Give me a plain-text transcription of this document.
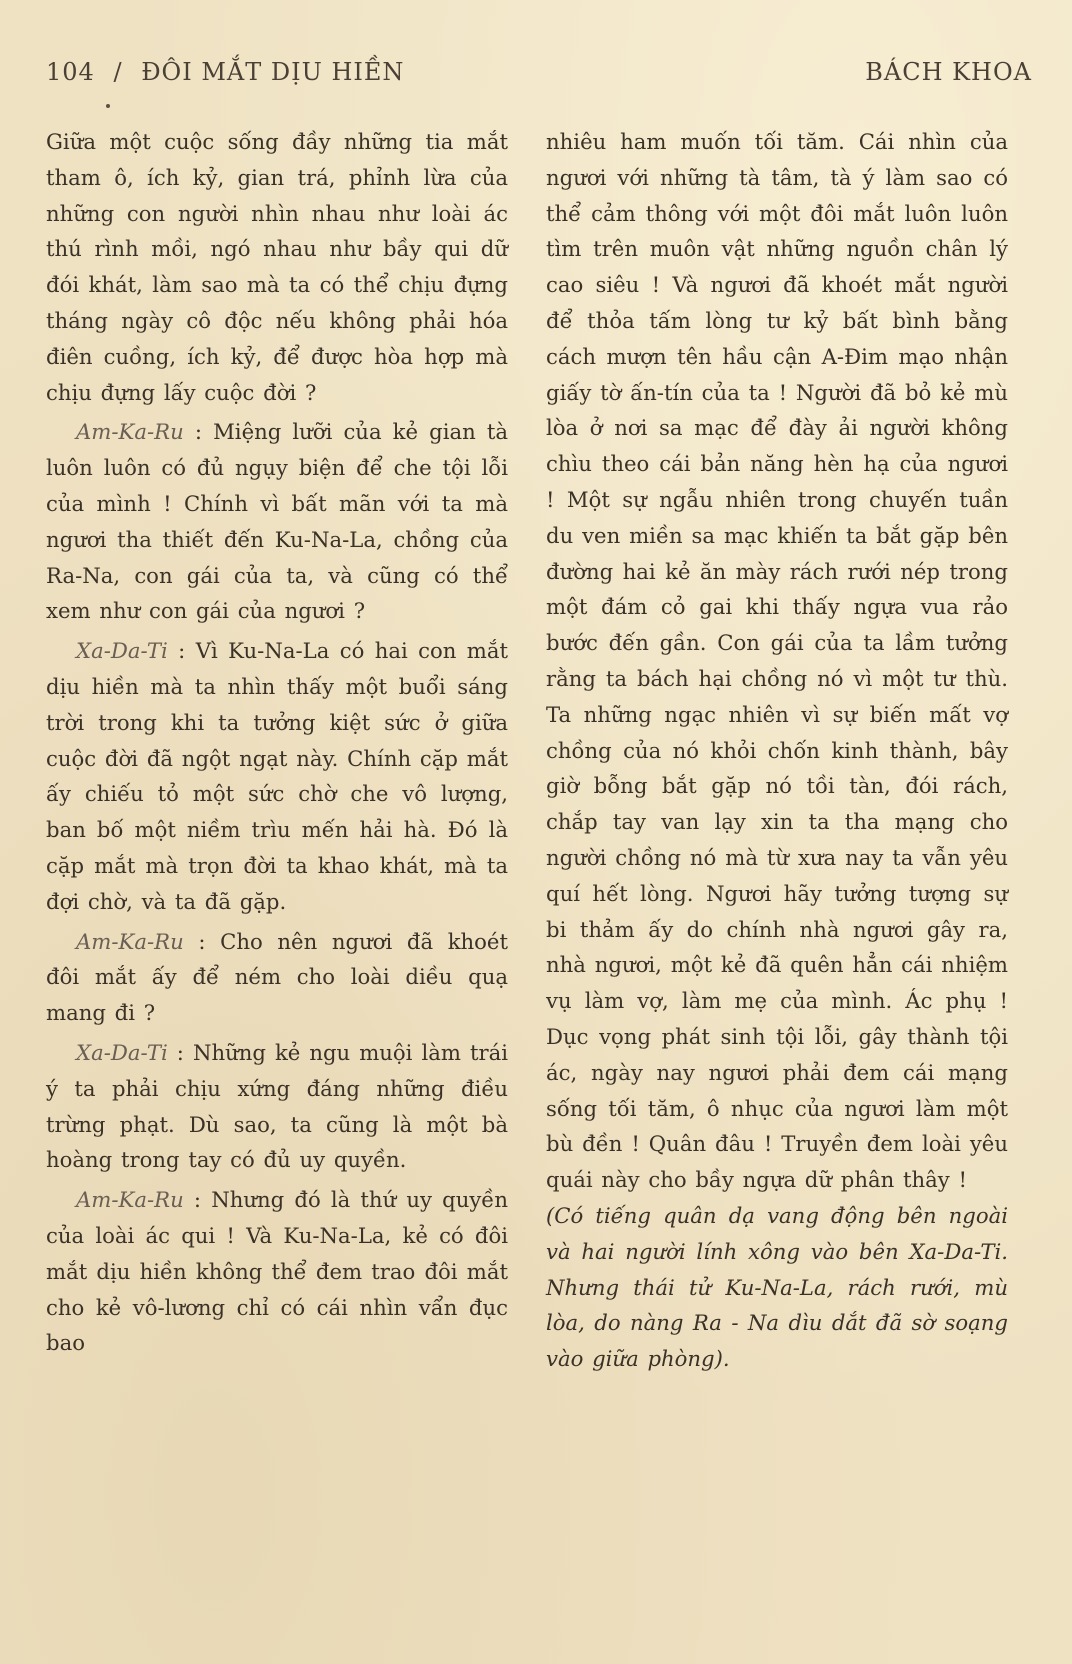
104 / ĐÔI MẮT DỊU HIỀN	BÁCH KHOA

Giữa một cuộc sống đầy những tia mắt tham ô, ích kỷ, gian trá, phỉnh lừa của những con người nhìn nhau như loài ác thú rình mồi, ngó nhau như bầy qui dữ đói khát, làm sao mà ta có thể chịu đựng tháng ngày cô độc nếu không phải hóa điên cuồng, ích kỷ, để được hòa hợp mà chịu đựng lấy cuộc đời ?

Am-Ka-Ru : Miệng lưỡi của kẻ gian tà luôn luôn có đủ ngụy biện để che tội lỗi của mình ! Chính vì bất mãn với ta mà ngươi tha thiết đến Ku-Na-La, chồng của Ra-Na, con gái của ta, và cũng có thể xem như con gái của ngươi ?

Xa-Da-Ti : Vì Ku-Na-La có hai con mắt dịu hiền mà ta nhìn thấy một buổi sáng trời trong khi ta tưởng kiệt sức ở giữa cuộc đời đã ngột ngạt này. Chính cặp mắt ấy chiếu tỏ một sức chờ che vô lượng, ban bố một niềm trìu mến hải hà. Đó là cặp mắt mà trọn đời ta khao khát, mà ta đợi chờ, và ta đã gặp.

Am-Ka-Ru : Cho nên ngươi đã khoét đôi mắt ấy để ném cho loài diều quạ mang đi ?

Xa-Da-Ti : Những kẻ ngu muội làm trái ý ta phải chịu xứng đáng những điều trừng phạt. Dù sao, ta cũng là một bà hoàng trong tay có đủ uy quyền.

Am-Ka-Ru : Nhưng đó là thứ uy quyền của loài ác qui ! Và Ku-Na-La, kẻ có đôi mắt dịu hiền không thể đem trao đôi mắt cho kẻ vô-lương chỉ có cái nhìn vẩn đục bao

nhiêu ham muốn tối tăm. Cái nhìn của ngươi với những tà tâm, tà ý làm sao có thể cảm thông với một đôi mắt luôn luôn tìm trên muôn vật những nguồn chân lý cao siêu ! Và ngươi đã khoét mắt người để thỏa tấm lòng tư kỷ bất bình bằng cách mượn tên hầu cận A-Đim mạo nhận giấy tờ ấn-tín của ta ! Người đã bỏ kẻ mù lòa ở nơi sa mạc để đày ải người không chìu theo cái bản năng hèn hạ của ngươi ! Một sự ngẫu nhiên trong chuyến tuần du ven miền sa mạc khiến ta bắt gặp bên đường hai kẻ ăn mày rách rưới nép trong một đám cỏ gai khi thấy ngựa vua rảo bước đến gần. Con gái của ta lầm tưởng rằng ta bách hại chồng nó vì một tư thù. Ta những ngạc nhiên vì sự biến mất vợ chồng của nó khỏi chốn kinh thành, bây giờ bỗng bắt gặp nó tồi tàn, đói rách, chắp tay van lạy xin ta tha mạng cho người chồng nó mà từ xưa nay ta vẫn yêu quí hết lòng. Ngươi hãy tưởng tượng sự bi thảm ấy do chính nhà ngươi gây ra, nhà ngươi, một kẻ đã quên hẳn cái nhiệm vụ làm vợ, làm mẹ của mình. Ác phụ ! Dục vọng phát sinh tội lỗi, gây thành tội ác, ngày nay ngươi phải đem cái mạng sống tối tăm, ô nhục của ngươi làm một bù đền ! Quân đâu ! Truyền đem loài yêu quái này cho bầy ngựa dữ phân thây !

(Có tiếng quân dạ vang động bên ngoài và hai người lính xông vào bên Xa-Da-Ti. Nhưng thái tử Ku-Na-La, rách rưới, mù lòa, do nàng Ra - Na dìu dắt đã sờ soạng vào giữa phòng).
